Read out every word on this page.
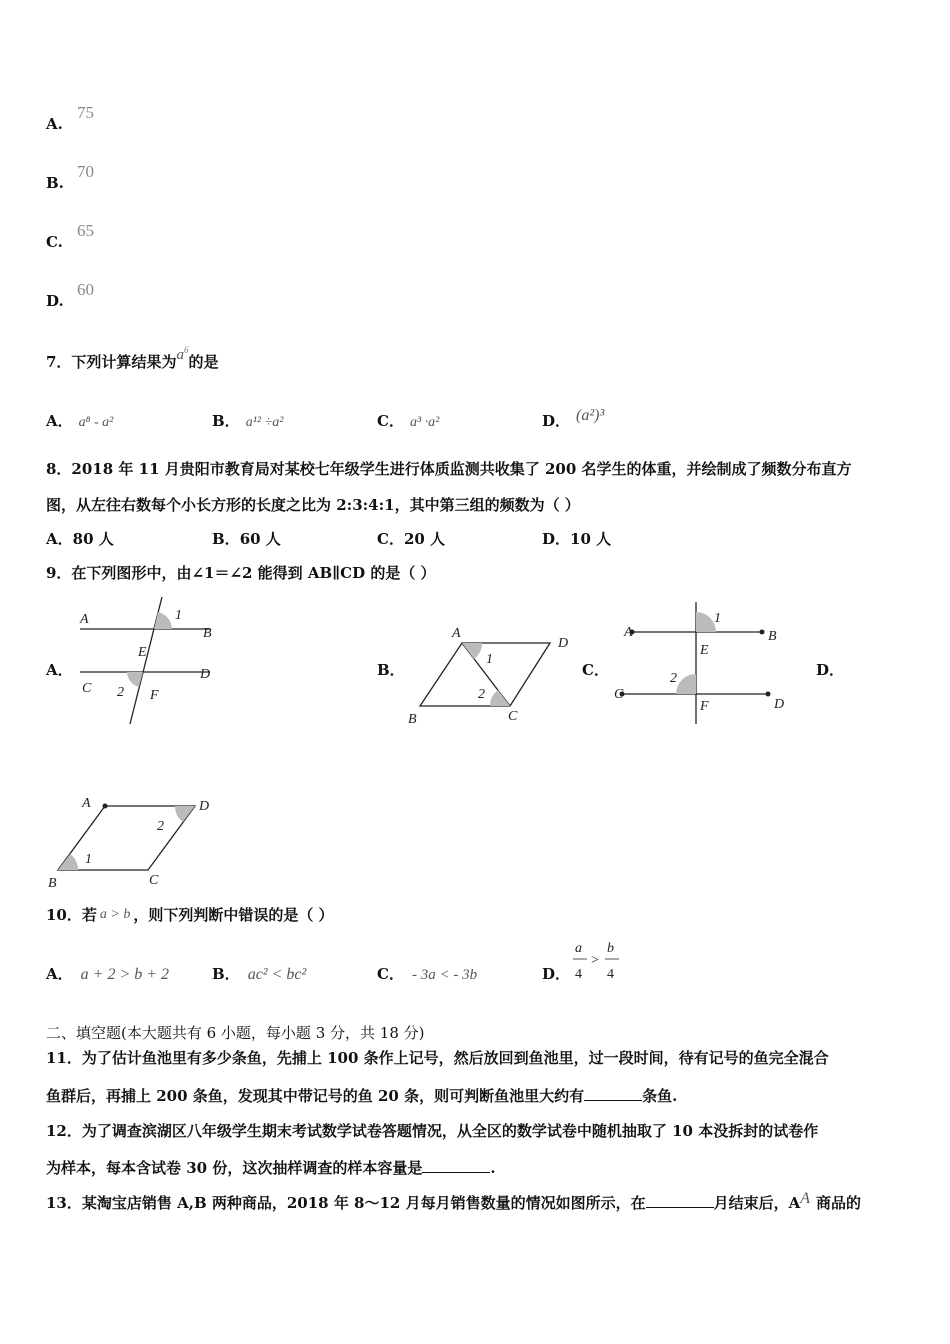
A.
75
B.
70
C.
65
D.
60
7．下列计算结果为$a^6$的是
A． a⁸ - a²	B． a¹² ÷a²	C． a³ ·a²	D． (a²)³
8．2018 年 11 月贵阳市教育局对某校七年级学生进行体质监测共收集了 200 名学生的体重，并绘制成了频数分布直方
图，从左往右数每个小长方形的长度之比为 2:3:4:1，其中第三组的频数为（ ）
A．80 人	B．60 人	C．20 人	D．10 人
9．在下列图形中，由∠1＝∠2 能得到 AB∥CD 的是（ ）
A．	B．	C．	D．
A
B
1
E
C
D
2 F
A
D
1
2
B	C
A	B
1
E
2
C
D
F
A	D
2
1
B	C
10．若 a > b ，则下列判断中错误的是（ ）
A． a + 2 > b + 2	B． ac² < bc²	C． - 3a < - 3b	D．
a
4
>
b
4
二、填空题(本大题共有 6 小题，每小题 3 分，共 18 分)
11．为了估计鱼池里有多少条鱼，先捕上 100 条作上记号，然后放回到鱼池里，过一段时间，待有记号的鱼完全混合
鱼群后，再捕上 200 条鱼，发现其中带记号的鱼 20 条，则可判断鱼池里大约有	条鱼.
12．为了调查滨湖区八年级学生期末考试数学试卷答题情况，从全区的数学试卷中随机抽取了 10 本没拆封的试卷作
为样本，每本含试卷 30 份，这次抽样调查的样本容量是	.
13．某淘宝店销售 A,B 两种商品，2018 年 8～12 月每月销售数量的情况如图所示，在	月结束后，AA 商品的
